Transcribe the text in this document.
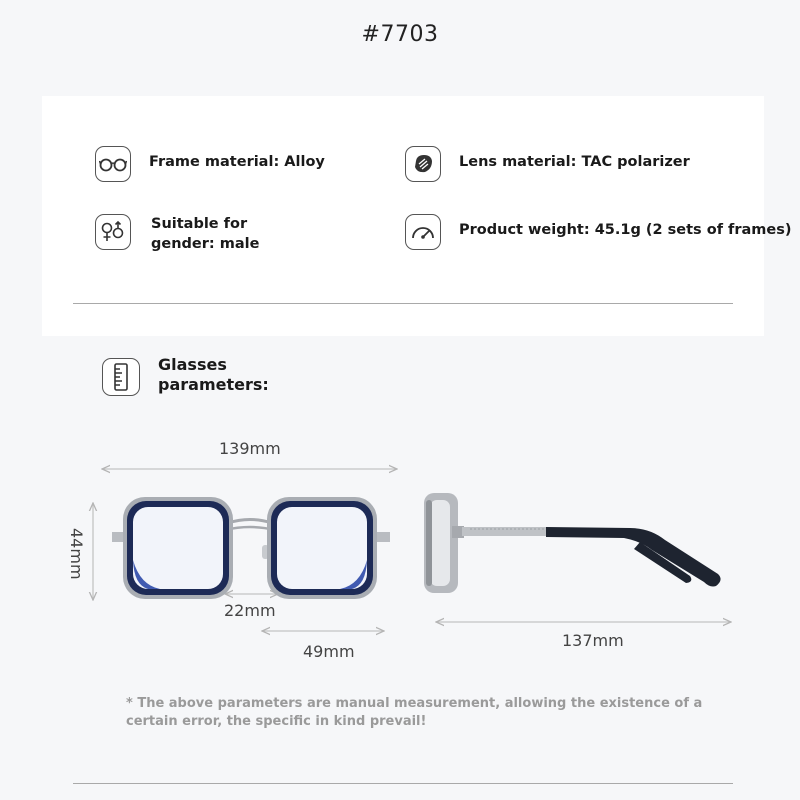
#7703
Frame material: Alloy	Lens material: TAC polarizer
Suitable for
gender: male
Product weight: 45.1g (2 sets of frames)
Glasses
parameters:
139mm
44mm
22mm
49mm
137mm
* The above parameters are manual measurement, allowing the existence of a
certain error, the specific in kind prevail!
